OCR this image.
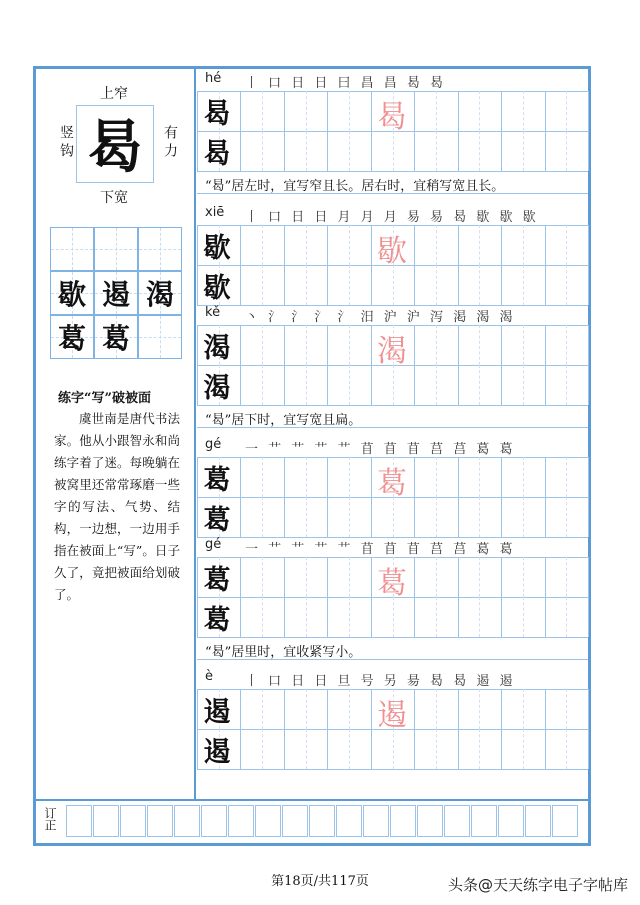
上窄
竖钩 曷 有力
下宽
歇 遏 渴
葛 葛
练字“写”破被面
虞世南是唐代书法家。他从小跟智永和尚练字着了迷。每晚躺在被窝里还常常琢磨一些字的写法、气势、结构，一边想，一边用手指在被面上“写”。日子久了，竟把被面给划破了。
订正
hé 丨 口 日 日 曰 昌 昌 曷 曷
曷
曷
曷
“曷”居左时，宜写窄且长。居右时，宜稍写宽且长。
xiē 丨 口 日 日 月 月 月 易 易 曷 歇 歇 歇
歇
歇
歇
kě 丶 氵 氵 氵 氵 汨 沪 沪 泻 渇 渴 渴
渴
渴
渴
“曷”居下时，宜写宽且扁。
gé 一 艹 艹 艹 艹 苜 苜 苜 莒 莒 葛 葛
葛
葛
葛
gé 一 艹 艹 艹 艹 苜 苜 苜 莒 莒 葛 葛
葛
葛
葛
“曷”居里时，宜收紧写小。
è 丨 口 日 日 旦 号 另 昜 曷 曷 遏 遏
遏
遏
遏
第18页/共117页	头条@天天练字电子字帖库
